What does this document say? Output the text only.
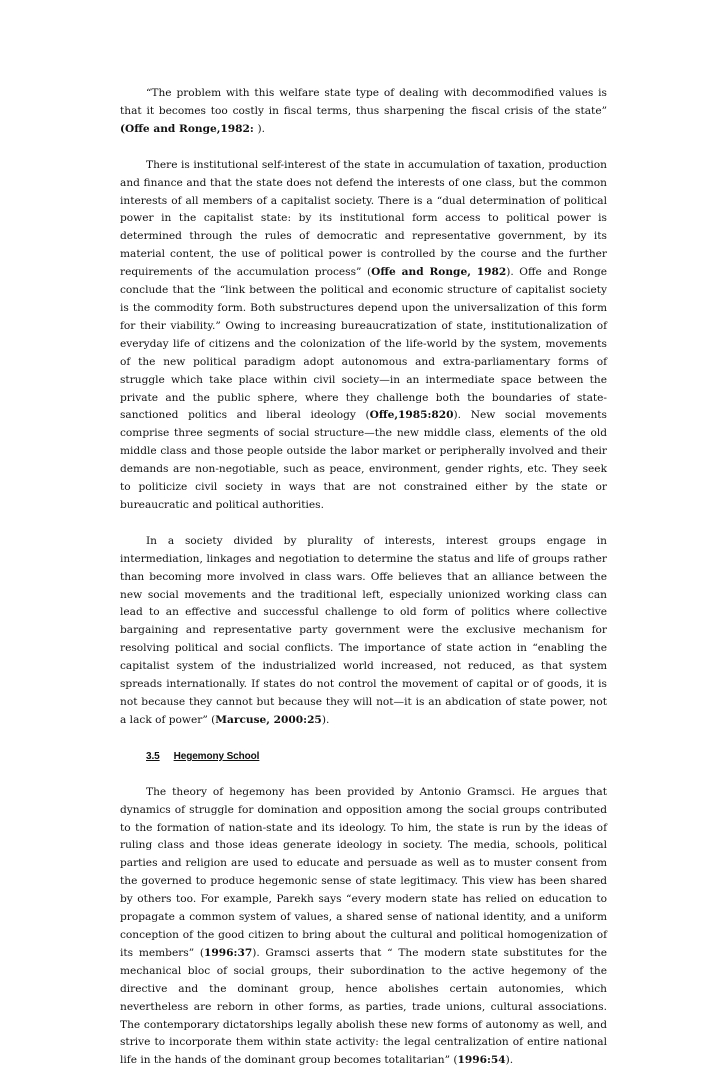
“The problem with this welfare state type of dealing with decommodified values is that it becomes too costly in fiscal terms, thus sharpening the fiscal crisis of the state” (Offe and Ronge,1982: ).

There is institutional self-interest of the state in accumulation of taxation, production and finance and that the state does not defend the interests of one class, but the common interests of all members of a capitalist society. There is a “dual determination of political power in the capitalist state: by its institutional form access to political power is determined through the rules of democratic and representative government, by its material content, the use of political power is controlled by the course and the further requirements of the accumulation process” (Offe and Ronge, 1982). Offe and Ronge conclude that the “link between the political and economic structure of capitalist society is the commodity form. Both substructures depend upon the universalization of this form for their viability.” Owing to increasing bureaucratization of state, institutionalization of everyday life of citizens and the colonization of the life-world by the system, movements of the new political paradigm adopt autonomous and extra-parliamentary forms of struggle which take place within civil society—in an intermediate space between the private and the public sphere, where they challenge both the boundaries of state-sanctioned politics and liberal ideology (Offe,1985:820). New social movements comprise three segments of social structure—the new middle class, elements of the old middle class and those people outside the labor market or peripherally involved and their demands are non-negotiable, such as peace, environment, gender rights, etc. They seek to politicize civil society in ways that are not constrained either by the state or bureaucratic and political authorities.

In a society divided by plurality of interests, interest groups engage in intermediation, linkages and negotiation to determine the status and life of groups rather than becoming more involved in class wars. Offe believes that an alliance between the new social movements and the traditional left, especially unionized working class can lead to an effective and successful challenge to old form of politics where collective bargaining and representative party government were the exclusive mechanism for resolving political and social conflicts. The importance of state action in “enabling the capitalist system of the industrialized world increased, not reduced, as that system spreads internationally. If states do not control the movement of capital or of goods, it is not because they cannot but because they will not—it is an abdication of state power, not a lack of power” (Marcuse, 2000:25).

3.5 Hegemony School

The theory of hegemony has been provided by Antonio Gramsci. He argues that dynamics of struggle for domination and opposition among the social groups contributed to the formation of nation-state and its ideology. To him, the state is run by the ideas of ruling class and those ideas generate ideology in society. The media, schools, political parties and religion are used to educate and persuade as well as to muster consent from the governed to produce hegemonic sense of state legitimacy. This view has been shared by others too. For example, Parekh says “every modern state has relied on education to propagate a common system of values, a shared sense of national identity, and a uniform conception of the good citizen to bring about the cultural and political homogenization of its members” (1996:37). Gramsci asserts that “ The modern state substitutes for the mechanical bloc of social groups, their subordination to the active hegemony of the directive and the dominant group, hence abolishes certain autonomies, which nevertheless are reborn in other forms, as parties, trade unions, cultural associations. The contemporary dictatorships legally abolish these new forms of autonomy as well, and strive to incorporate them within state activity: the legal centralization of entire national life in the hands of the dominant group becomes totalitarian” (1996:54).
